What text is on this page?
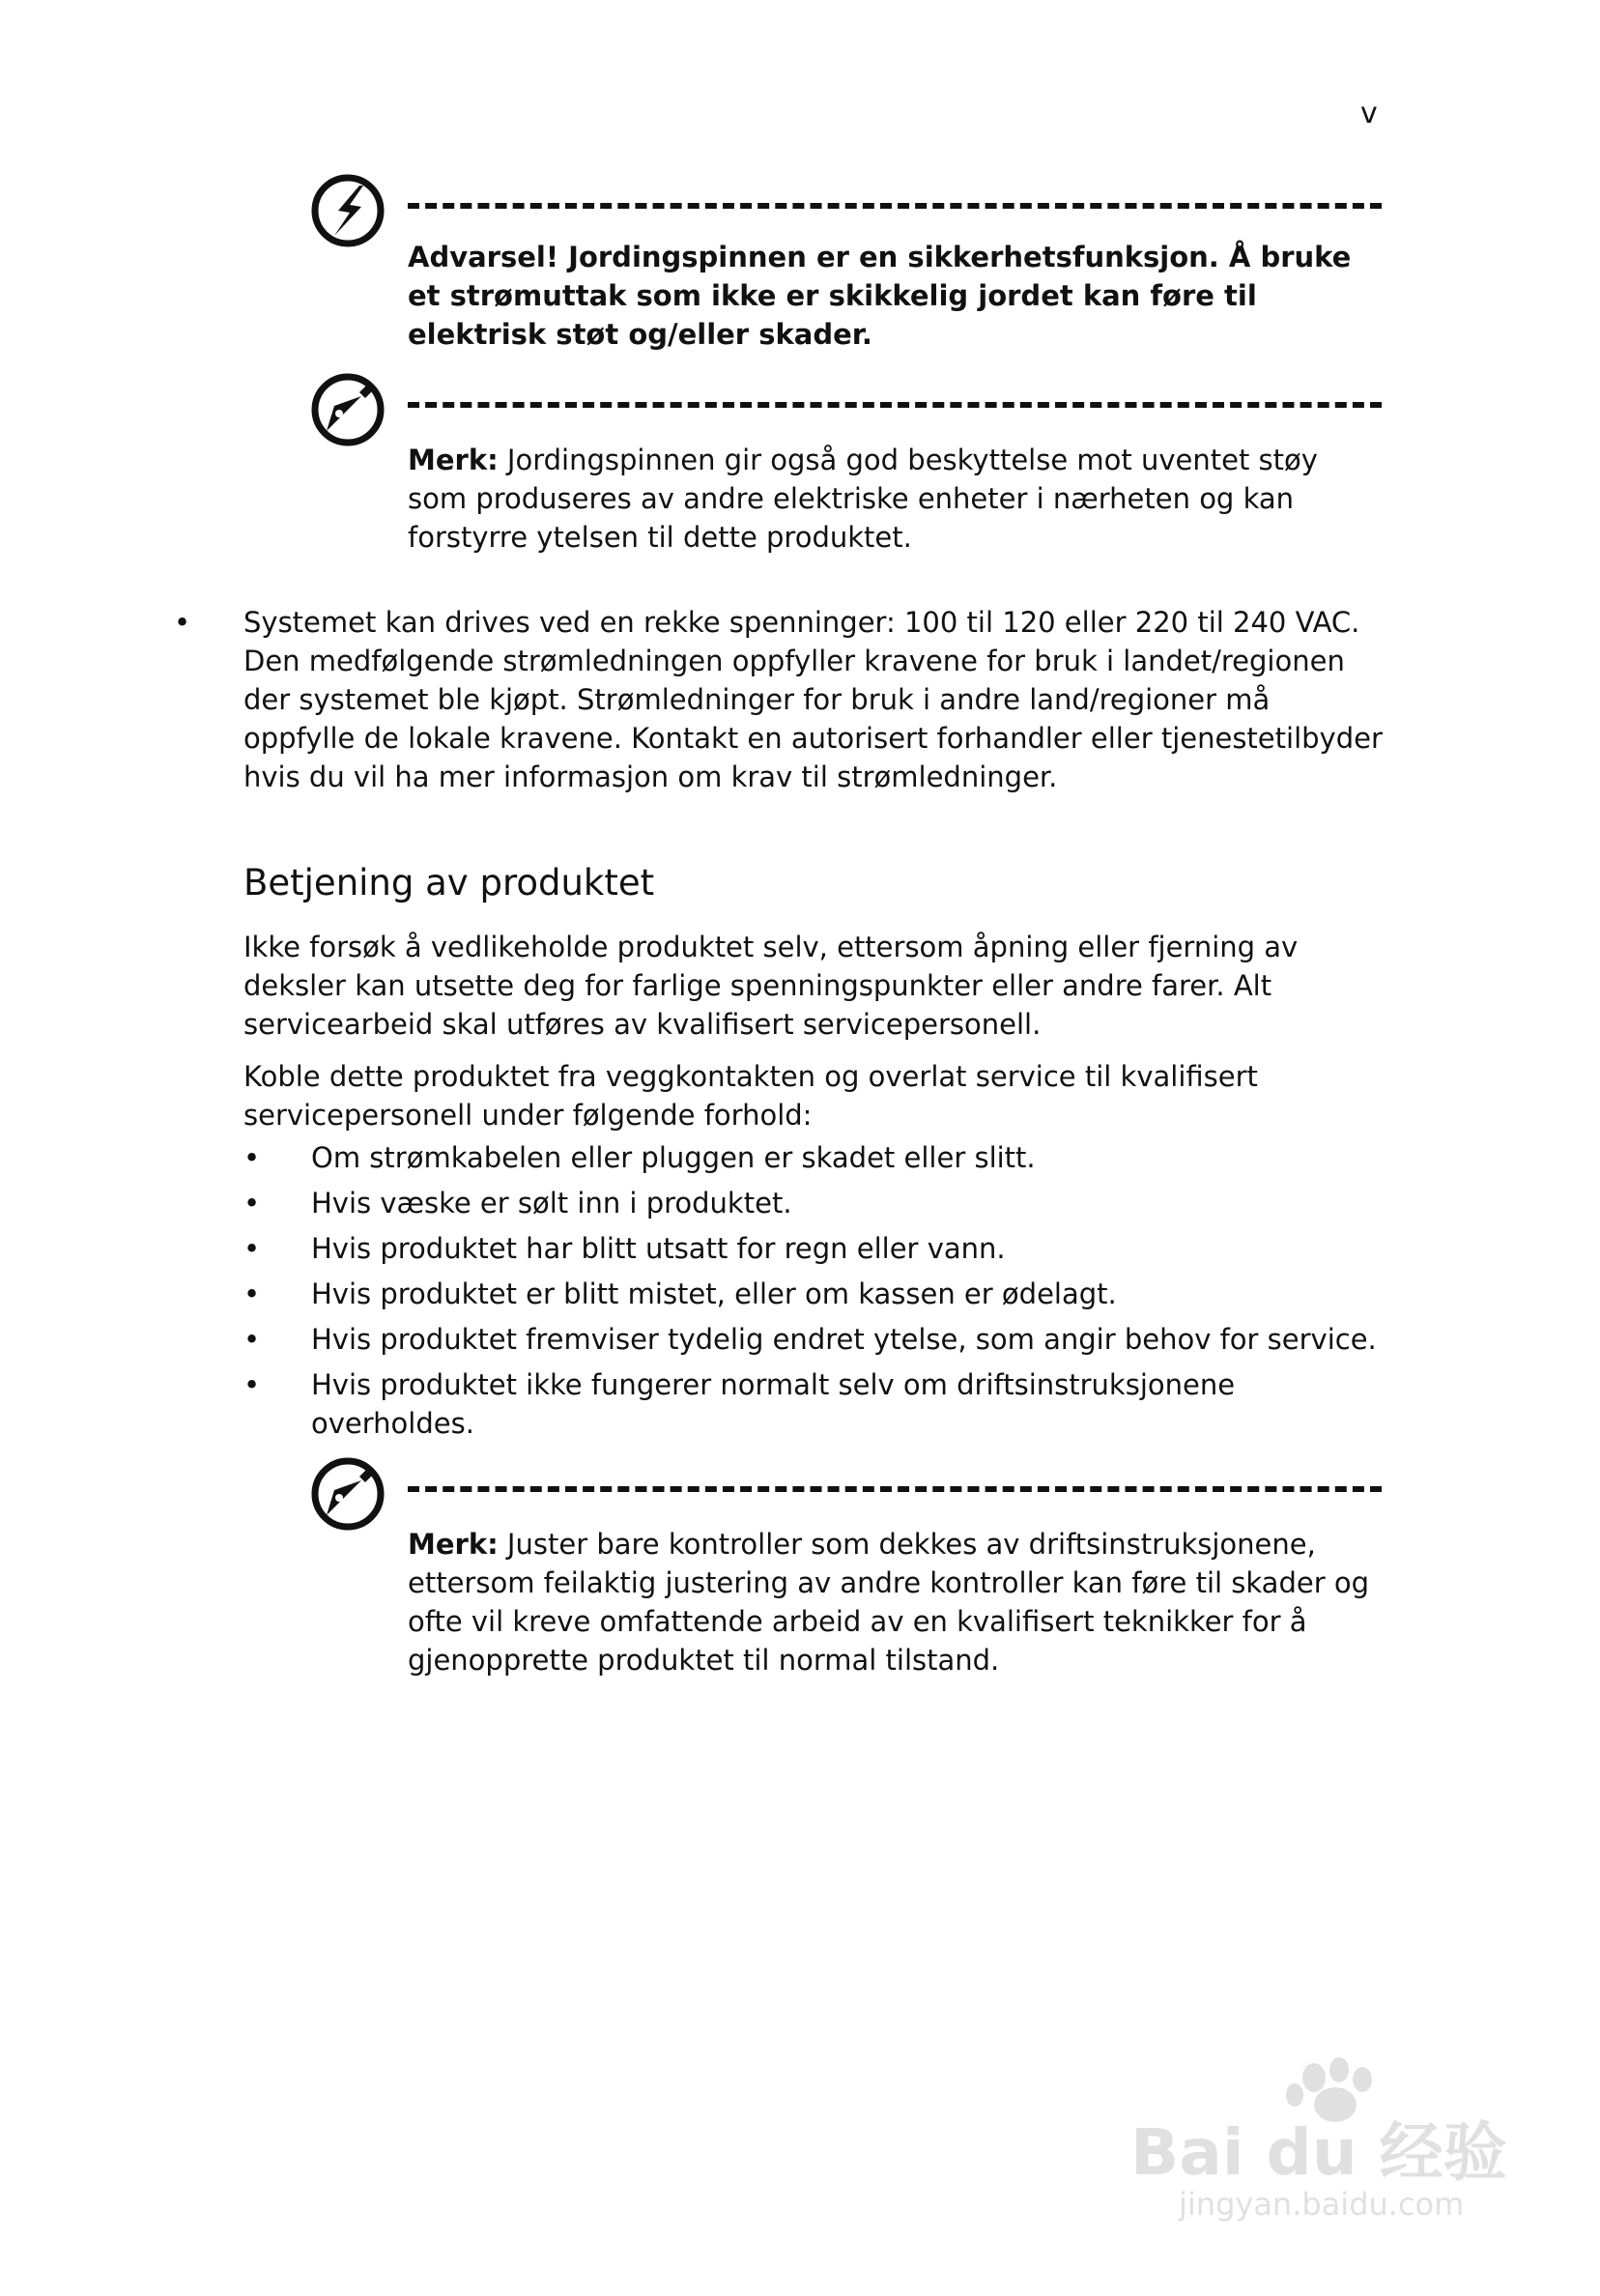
v
Advarsel! Jordingspinnen er en sikkerhetsfunksjon. Å bruke et strømuttak som ikke er skikkelig jordet kan føre til elektrisk støt og/eller skader.
Merk: Jordingspinnen gir også god beskyttelse mot uventet støy som produseres av andre elektriske enheter i nærheten og kan forstyrre ytelsen til dette produktet.
• Systemet kan drives ved en rekke spenninger: 100 til 120 eller 220 til 240 VAC. Den medfølgende strømledningen oppfyller kravene for bruk i landet/regionen der systemet ble kjøpt. Strømledninger for bruk i andre land/regioner må oppfylle de lokale kravene. Kontakt en autorisert forhandler eller tjenestetilbyder hvis du vil ha mer informasjon om krav til strømledninger.
Betjening av produktet

Ikke forsøk å vedlikeholde produktet selv, ettersom åpning eller fjerning av deksler kan utsette deg for farlige spenningspunkter eller andre farer. Alt servicearbeid skal utføres av kvalifisert servicepersonell.

Koble dette produktet fra veggkontakten og overlat service til kvalifisert servicepersonell under følgende forhold:

• Om strømkabelen eller pluggen er skadet eller slitt.
• Hvis væske er sølt inn i produktet.
• Hvis produktet har blitt utsatt for regn eller vann.
• Hvis produktet er blitt mistet, eller om kassen er ødelagt.
• Hvis produktet fremviser tydelig endret ytelse, som angir behov for service.
• Hvis produktet ikke fungerer normalt selv om driftsinstruksjonene overholdes.
Merk: Juster bare kontroller som dekkes av driftsinstruksjonene, ettersom feilaktig justering av andre kontroller kan føre til skader og ofte vil kreve omfattende arbeid av en kvalifisert teknikker for å gjenopprette produktet til normal tilstand.
Bai du 经验
jingyan.baidu.com
